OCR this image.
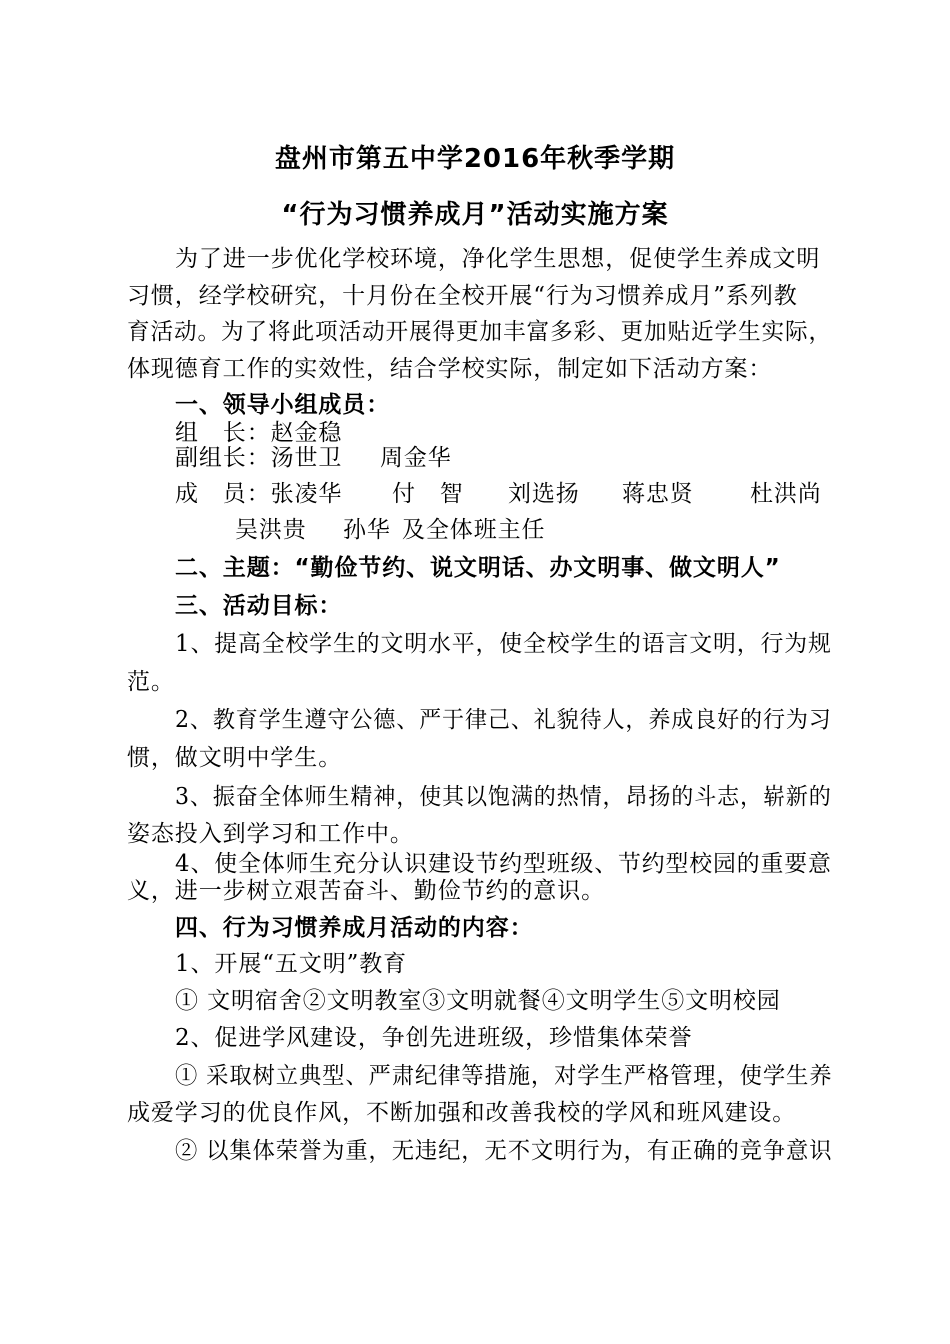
盘州市第五中学2016年秋季学期
“行为习惯养成月”活动实施方案
为了进一步优化学校环境，净化学生思想，促使学生养成文明
习惯，经学校研究，十月份在全校开展“行为习惯养成月”系列教
育活动。为了将此项活动开展得更加丰富多彩、更加贴近学生实际，
体现德育工作的实效性，结合学校实际，制定如下活动方案：
一、领导小组成员：
组　长：赵金稳
副组长：汤世卫 周金华
成　员：张凌华 付　智 刘选扬 蒋忠贤 杜洪尚
吴洪贵 孙华 及全体班主任
二、主题：“勤俭节约、说文明话、办文明事、做文明人”
三、活动目标：
1、提高全校学生的文明水平，使全校学生的语言文明，行为规
范。
2、教育学生遵守公德、严于律己、礼貌待人，养成良好的行为习
惯，做文明中学生。
3、振奋全体师生精神，使其以饱满的热情，昂扬的斗志，崭新的
姿态投入到学习和工作中。
4、使全体师生充分认识建设节约型班级、节约型校园的重要意
义，进一步树立艰苦奋斗、勤俭节约的意识。
四、行为习惯养成月活动的内容：
1、开展“五文明”教育
① 文明宿舍②文明教室③文明就餐④文明学生⑤文明校园
2、促进学风建设，争创先进班级，珍惜集体荣誉
① 采取树立典型、严肃纪律等措施，对学生严格管理，使学生养
成爱学习的优良作风，不断加强和改善我校的学风和班风建设。
② 以集体荣誉为重，无违纪，无不文明行为，有正确的竞争意识
